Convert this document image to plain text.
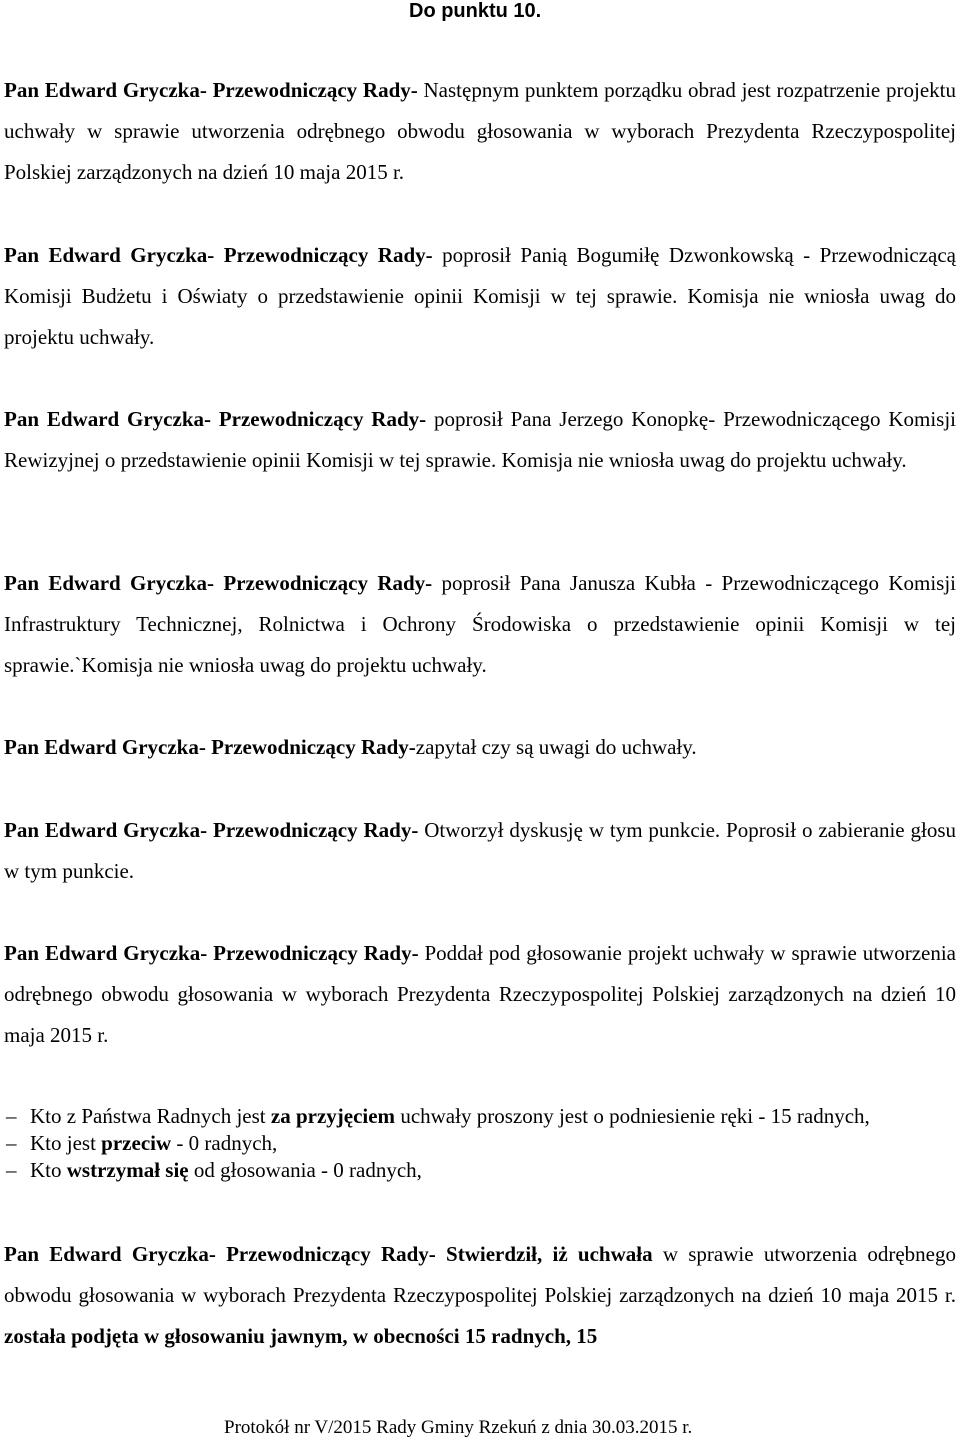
Do punktu 10.

Pan Edward Gryczka- Przewodniczący Rady- Następnym punktem porządku obrad jest rozpatrzenie projektu uchwały w sprawie utworzenia odrębnego obwodu głosowania w wyborach Prezydenta Rzeczypospolitej Polskiej zarządzonych na dzień 10 maja 2015 r.

Pan Edward Gryczka- Przewodniczący Rady- poprosił Panią Bogumiłę Dzwonkowską - Przewodniczącą Komisji Budżetu i Oświaty o przedstawienie opinii Komisji w tej sprawie. Komisja nie wniosła uwag do projektu uchwały.

Pan Edward Gryczka- Przewodniczący Rady- poprosił Pana Jerzego Konopkę- Przewodniczącego Komisji Rewizyjnej o przedstawienie opinii Komisji w tej sprawie. Komisja nie wniosła uwag do projektu uchwały.

Pan Edward Gryczka- Przewodniczący Rady- poprosił Pana Janusza Kubła - Przewodniczącego Komisji Infrastruktury Technicznej, Rolnictwa i Ochrony Środowiska o przedstawienie opinii Komisji w tej sprawie.`Komisja nie wniosła uwag do projektu uchwały.

Pan Edward Gryczka- Przewodniczący Rady-zapytał czy są uwagi do uchwały.

Pan Edward Gryczka- Przewodniczący Rady- Otworzył dyskusję w tym punkcie. Poprosił o zabieranie głosu w tym punkcie.

Pan Edward Gryczka- Przewodniczący Rady- Poddał pod głosowanie projekt uchwały w sprawie utworzenia odrębnego obwodu głosowania w wyborach Prezydenta Rzeczypospolitej Polskiej zarządzonych na dzień 10 maja 2015 r.

– Kto z Państwa Radnych jest za przyjęciem uchwały proszony jest o podniesienie ręki - 15 radnych,
– Kto jest przeciw - 0 radnych,
– Kto wstrzymał się od głosowania - 0 radnych,

Pan Edward Gryczka- Przewodniczący Rady- Stwierdził, iż uchwała w sprawie utworzenia odrębnego obwodu głosowania w wyborach Prezydenta Rzeczypospolitej Polskiej zarządzonych na dzień 10 maja 2015 r. została podjęta w głosowaniu jawnym, w obecności 15 radnych, 15

Protokół nr V/2015 Rady Gminy Rzekuń z dnia 30.03.2015 r.
